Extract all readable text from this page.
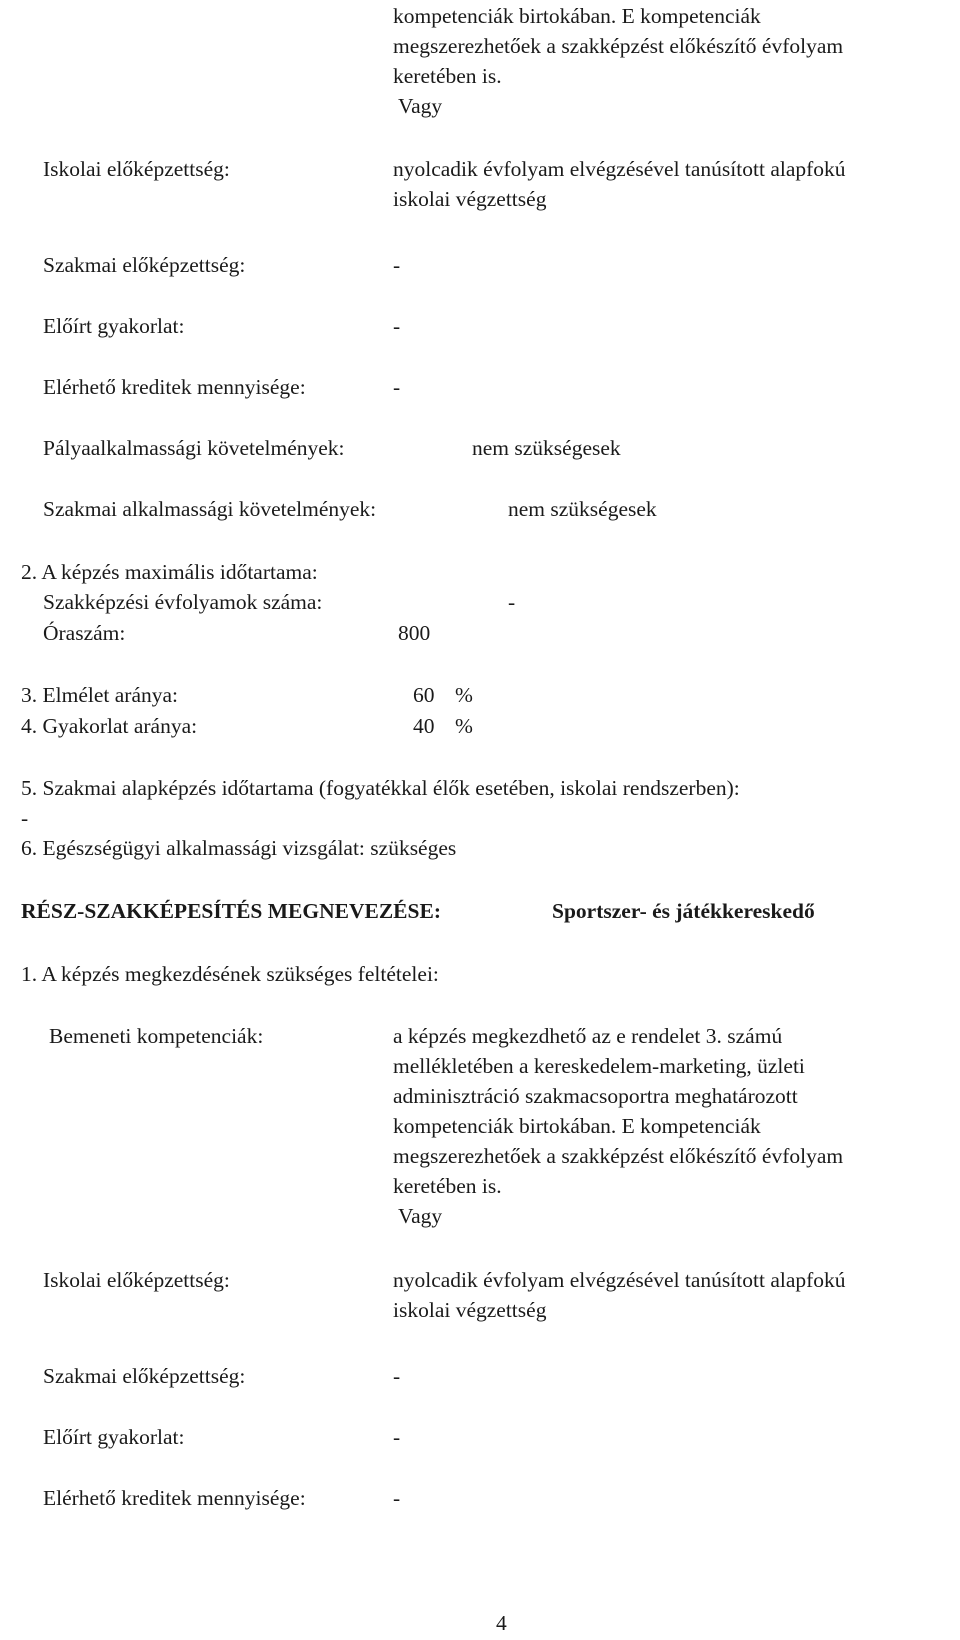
kompetenciák birtokában. E kompetenciák
megszerezhetőek a szakképzést előkészítő évfolyam
keretében is.
Vagy
Iskolai előképzettség:	nyolcadik évfolyam elvégzésével tanúsított alapfokú
iskolai végzettség
Szakmai előképzettség:	-
Előírt gyakorlat:	-
Elérhető kreditek mennyisége:	-
Pályaalkalmassági követelmények:	nem szükségesek
Szakmai alkalmassági követelmények:	nem szükségesek
2. A képzés maximális időtartama:
Szakképzési évfolyamok száma:	-
Óraszám:	800
3. Elmélet aránya:	60 %
4. Gyakorlat aránya:	40 %
5. Szakmai alapképzés időtartama (fogyatékkal élők esetében, iskolai rendszerben):
-
6. Egészségügyi alkalmassági vizsgálat: szükséges
RÉSZ-SZAKKÉPESÍTÉS MEGNEVEZÉSE:	Sportszer- és játékkereskedő
1. A képzés megkezdésének szükséges feltételei:
Bemeneti kompetenciák:	a képzés megkezdhető az e rendelet 3. számú
mellékletében a kereskedelem-marketing, üzleti
adminisztráció szakmacsoportra meghatározott
kompetenciák birtokában. E kompetenciák
megszerezhetőek a szakképzést előkészítő évfolyam
keretében is.
Vagy
Iskolai előképzettség:	nyolcadik évfolyam elvégzésével tanúsított alapfokú
iskolai végzettség
Szakmai előképzettség:	-
Előírt gyakorlat:	-
Elérhető kreditek mennyisége:	-
4
